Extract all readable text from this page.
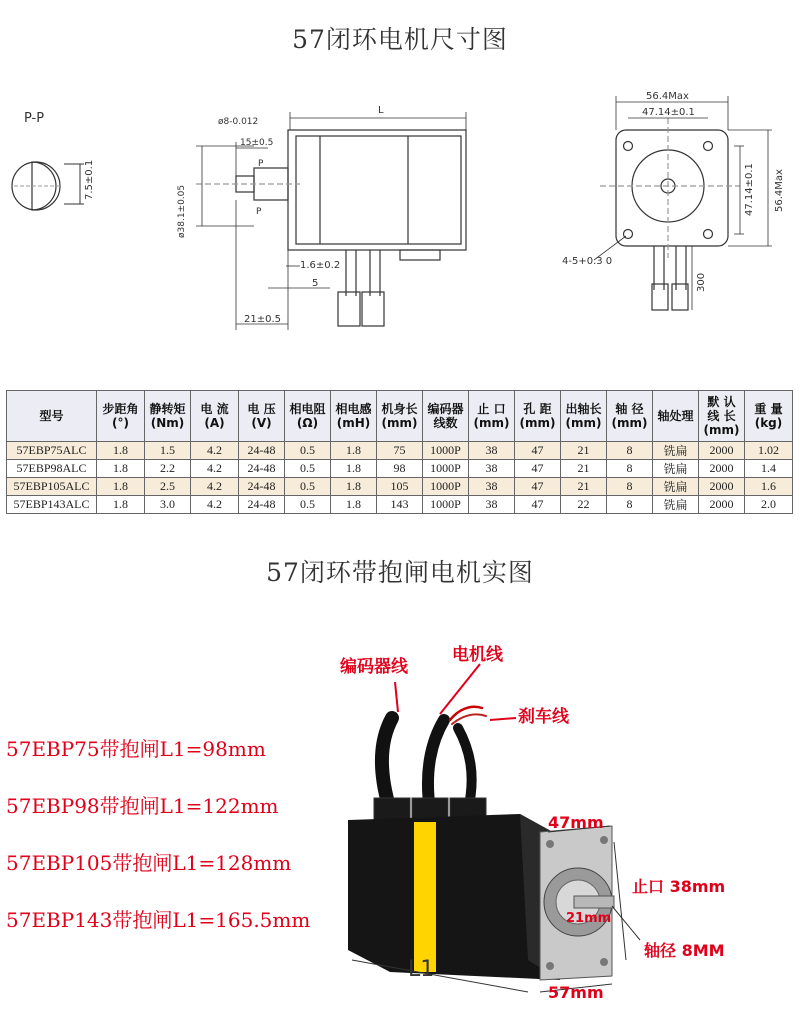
57闭环电机尺寸图
P-P
7.5±0.1
L
ø8-0.012
15±0.5
ø38.1±0.05
P
P
1.6±0.2
5
21±0.5
56.4Max
47.14±0.1
47.14±0.1 56.4Max
4-5+0.3 0
300
型号	步距角 (°)	静转矩 (Nm)	电 流 (A)	电 压 (V)	相电阻 (Ω)	相电感 (mH)	机身长 (mm)	编码器 线数	止 口 (mm)	孔 距 (mm)	出轴长 (mm)	轴 径 (mm)	轴处理	默 认 线 长 (mm)	重 量 (kg)
57EBP75ALC	1.8	1.5	4.2	24-48	0.5	1.8	75	1000P	38	47	21	8	铣扁	2000	1.02
57EBP98ALC	1.8	2.2	4.2	24-48	0.5	1.8	98	1000P	38	47	21	8	铣扁	2000	1.4
57EBP105ALC	1.8	2.5	4.2	24-48	0.5	1.8	105	1000P	38	47	21	8	铣扁	2000	1.6
57EBP143ALC	1.8	3.0	4.2	24-48	0.5	1.8	143	1000P	38	47	22	8	铣扁	2000	2.0
57闭环带抱闸电机实图
57EBP75带抱闸L1=98mm
57EBP98带抱闸L1=122mm
57EBP105带抱闸L1=128mm
57EBP143带抱闸L1=165.5mm
编码器线
电机线
刹车线
47mm
止口 38mm
21mm
轴径 8MM
L1
57mm
